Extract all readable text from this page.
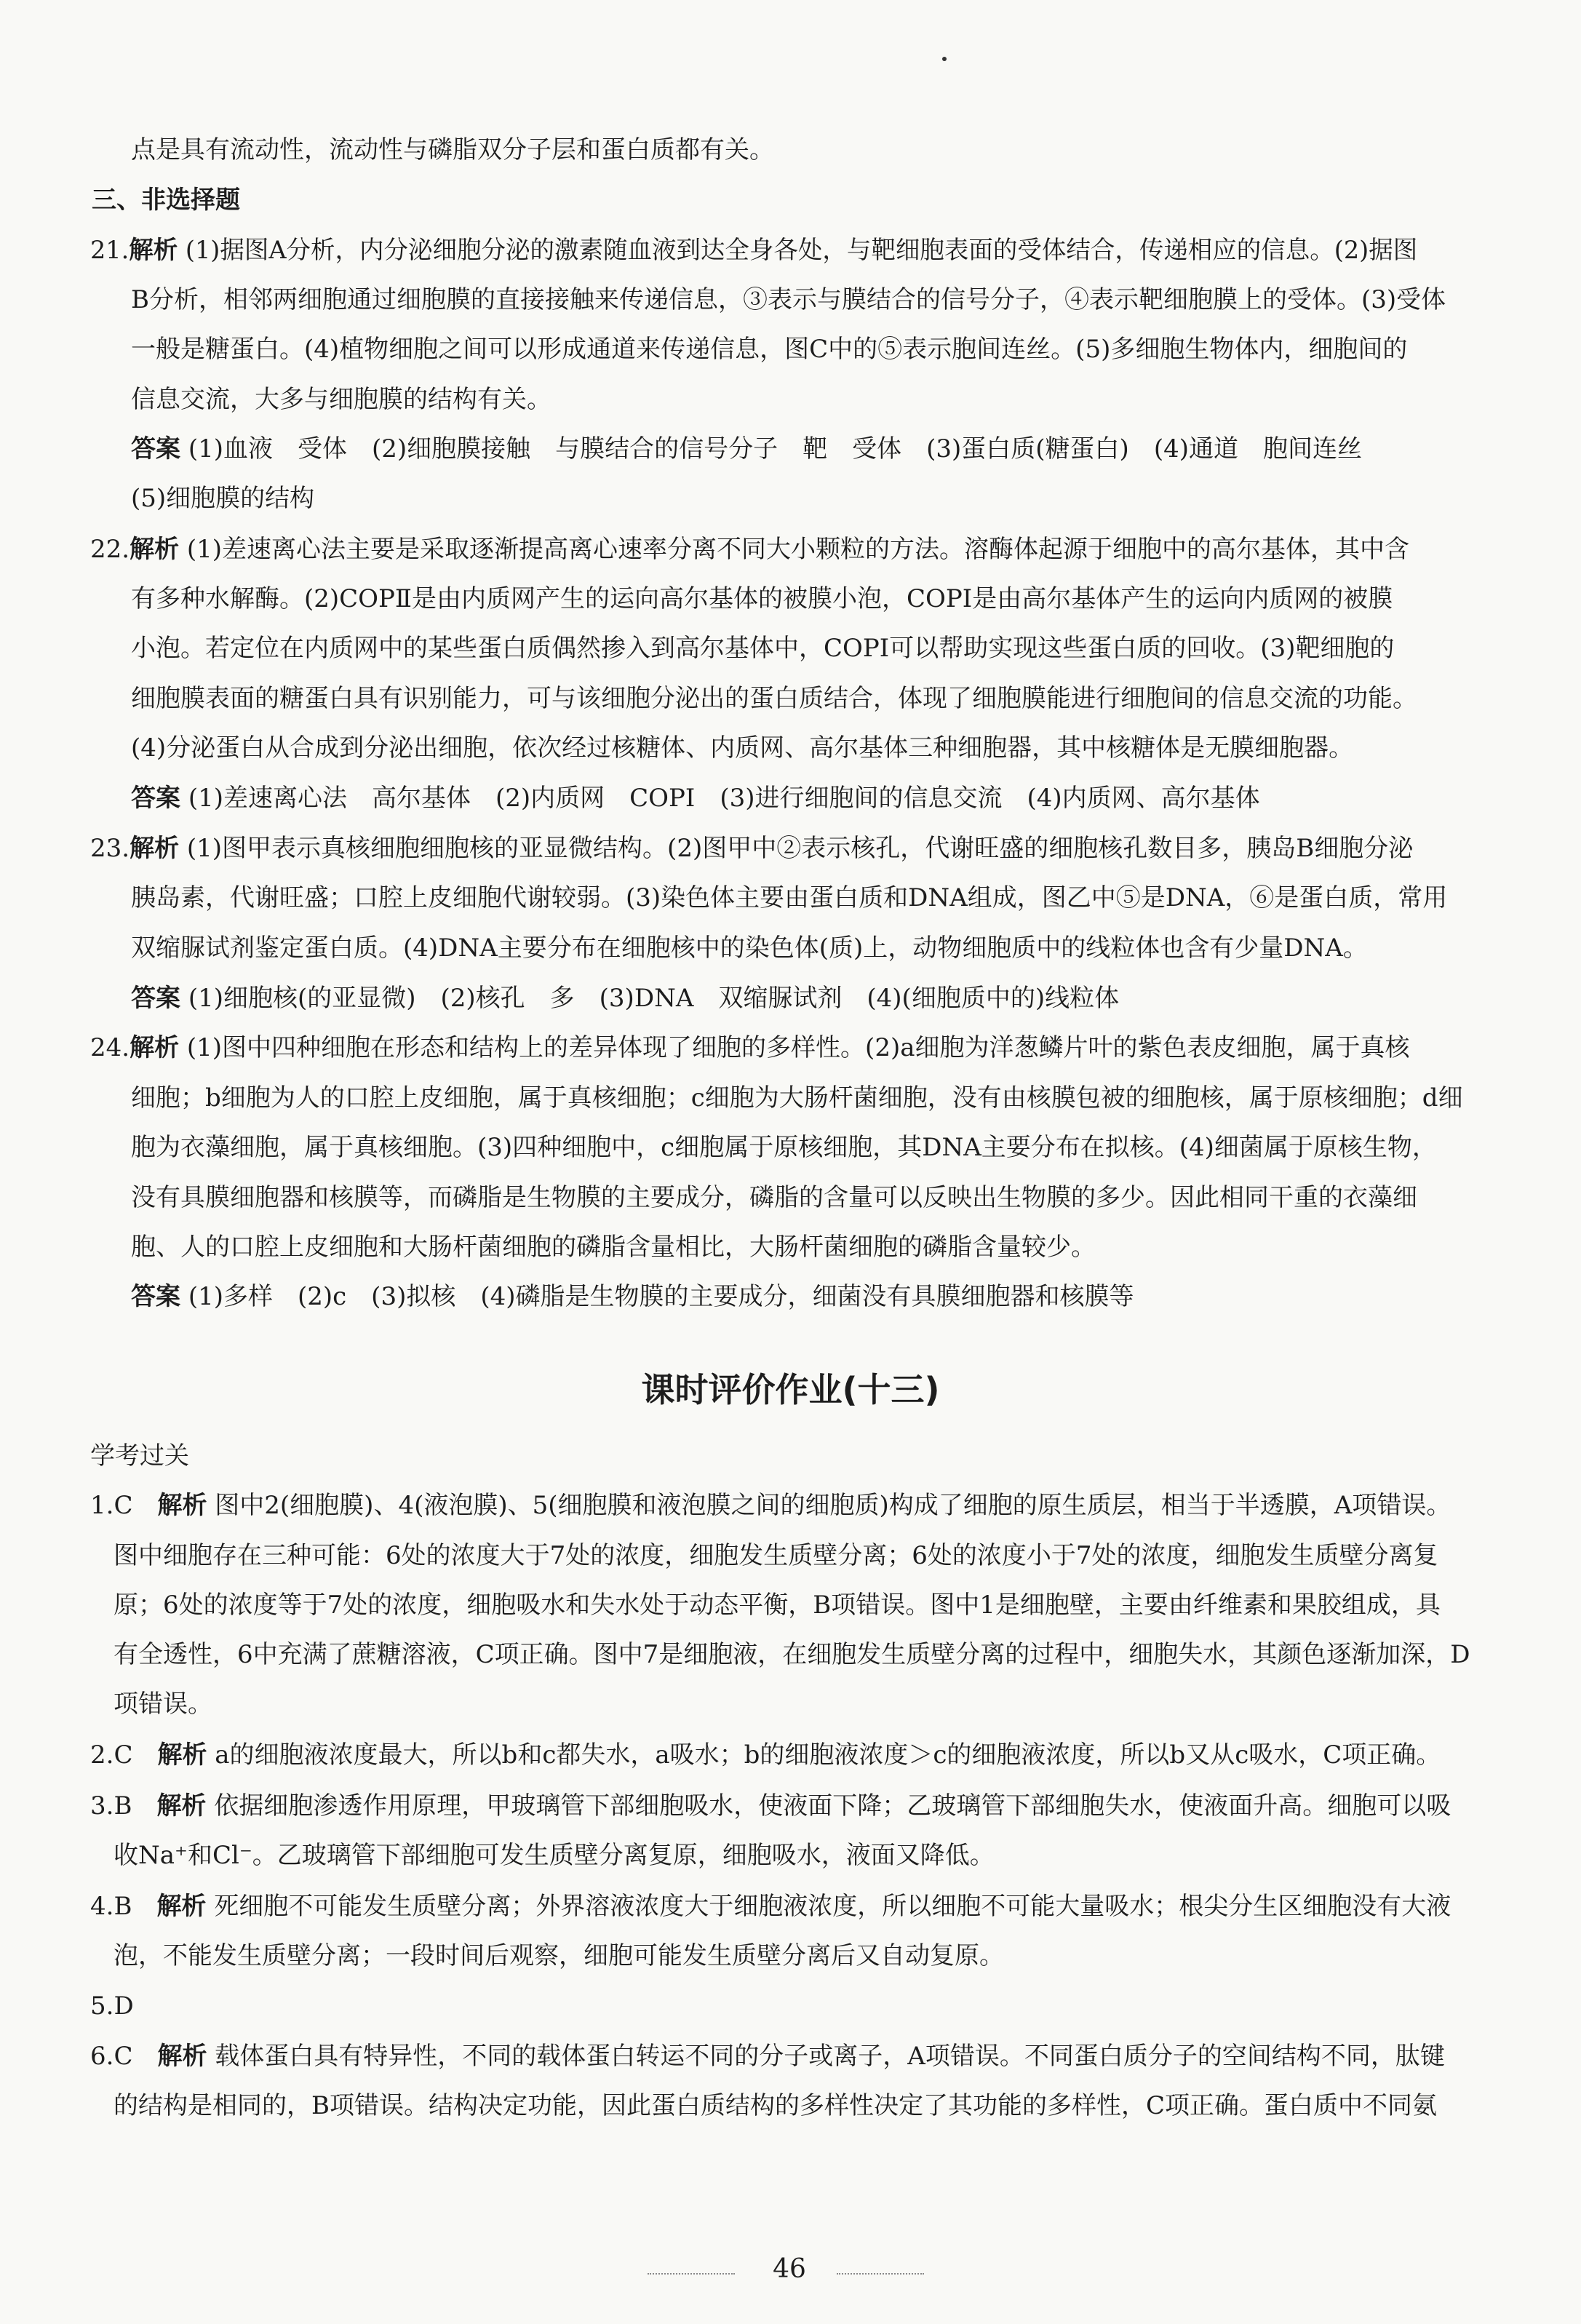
点是具有流动性，流动性与磷脂双分子层和蛋白质都有关。
三、非选择题
21.解析 (1)据图A分析，内分泌细胞分泌的激素随血液到达全身各处，与靶细胞表面的受体结合，传递相应的信息。(2)据图
B分析，相邻两细胞通过细胞膜的直接接触来传递信息，③表示与膜结合的信号分子，④表示靶细胞膜上的受体。(3)受体
一般是糖蛋白。(4)植物细胞之间可以形成通道来传递信息，图C中的⑤表示胞间连丝。(5)多细胞生物体内，细胞间的
信息交流，大多与细胞膜的结构有关。
答案 (1)血液　受体　(2)细胞膜接触　与膜结合的信号分子　靶　受体　(3)蛋白质(糖蛋白)　(4)通道　胞间连丝
(5)细胞膜的结构
22.解析 (1)差速离心法主要是采取逐渐提高离心速率分离不同大小颗粒的方法。溶酶体起源于细胞中的高尔基体，其中含
有多种水解酶。(2)COPⅡ是由内质网产生的运向高尔基体的被膜小泡，COPⅠ是由高尔基体产生的运向内质网的被膜
小泡。若定位在内质网中的某些蛋白质偶然掺入到高尔基体中，COPⅠ可以帮助实现这些蛋白质的回收。(3)靶细胞的
细胞膜表面的糖蛋白具有识别能力，可与该细胞分泌出的蛋白质结合，体现了细胞膜能进行细胞间的信息交流的功能。
(4)分泌蛋白从合成到分泌出细胞，依次经过核糖体、内质网、高尔基体三种细胞器，其中核糖体是无膜细胞器。
答案 (1)差速离心法　高尔基体　(2)内质网　COPⅠ　(3)进行细胞间的信息交流　(4)内质网、高尔基体
23.解析 (1)图甲表示真核细胞细胞核的亚显微结构。(2)图甲中②表示核孔，代谢旺盛的细胞核孔数目多，胰岛B细胞分泌
胰岛素，代谢旺盛；口腔上皮细胞代谢较弱。(3)染色体主要由蛋白质和DNA组成，图乙中⑤是DNA，⑥是蛋白质，常用
双缩脲试剂鉴定蛋白质。(4)DNA主要分布在细胞核中的染色体(质)上，动物细胞质中的线粒体也含有少量DNA。
答案 (1)细胞核(的亚显微)　(2)核孔　多　(3)DNA　双缩脲试剂　(4)(细胞质中的)线粒体
24.解析 (1)图中四种细胞在形态和结构上的差异体现了细胞的多样性。(2)a细胞为洋葱鳞片叶的紫色表皮细胞，属于真核
细胞；b细胞为人的口腔上皮细胞，属于真核细胞；c细胞为大肠杆菌细胞，没有由核膜包被的细胞核，属于原核细胞；d细
胞为衣藻细胞，属于真核细胞。(3)四种细胞中，c细胞属于原核细胞，其DNA主要分布在拟核。(4)细菌属于原核生物，
没有具膜细胞器和核膜等，而磷脂是生物膜的主要成分，磷脂的含量可以反映出生物膜的多少。因此相同干重的衣藻细
胞、人的口腔上皮细胞和大肠杆菌细胞的磷脂含量相比，大肠杆菌细胞的磷脂含量较少。
答案 (1)多样　(2)c　(3)拟核　(4)磷脂是生物膜的主要成分，细菌没有具膜细胞器和核膜等
课时评价作业(十三)
学考过关
1.C　 解析 图中2(细胞膜)、4(液泡膜)、5(细胞膜和液泡膜之间的细胞质)构成了细胞的原生质层，相当于半透膜，A项错误。
图中细胞存在三种可能：6处的浓度大于7处的浓度，细胞发生质壁分离；6处的浓度小于7处的浓度，细胞发生质壁分离复
原；6处的浓度等于7处的浓度，细胞吸水和失水处于动态平衡，B项错误。图中1是细胞壁，主要由纤维素和果胶组成，具
有全透性，6中充满了蔗糖溶液，C项正确。图中7是细胞液，在细胞发生质壁分离的过程中，细胞失水，其颜色逐渐加深，D
项错误。
2.C　 解析 a的细胞液浓度最大，所以b和c都失水，a吸水；b的细胞液浓度＞c的细胞液浓度，所以b又从c吸水，C项正确。
3.B　 解析 依据细胞渗透作用原理，甲玻璃管下部细胞吸水，使液面下降；乙玻璃管下部细胞失水，使液面升高。细胞可以吸
收Na⁺和Cl⁻。乙玻璃管下部细胞可发生质壁分离复原，细胞吸水，液面又降低。
4.B　 解析 死细胞不可能发生质壁分离；外界溶液浓度大于细胞液浓度，所以细胞不可能大量吸水；根尖分生区细胞没有大液
泡，不能发生质壁分离；一段时间后观察，细胞可能发生质壁分离后又自动复原。
5.D
6.C　 解析 载体蛋白具有特异性，不同的载体蛋白转运不同的分子或离子，A项错误。不同蛋白质分子的空间结构不同，肽键
的结构是相同的，B项错误。结构决定功能，因此蛋白质结构的多样性决定了其功能的多样性，C项正确。蛋白质中不同氨
46
